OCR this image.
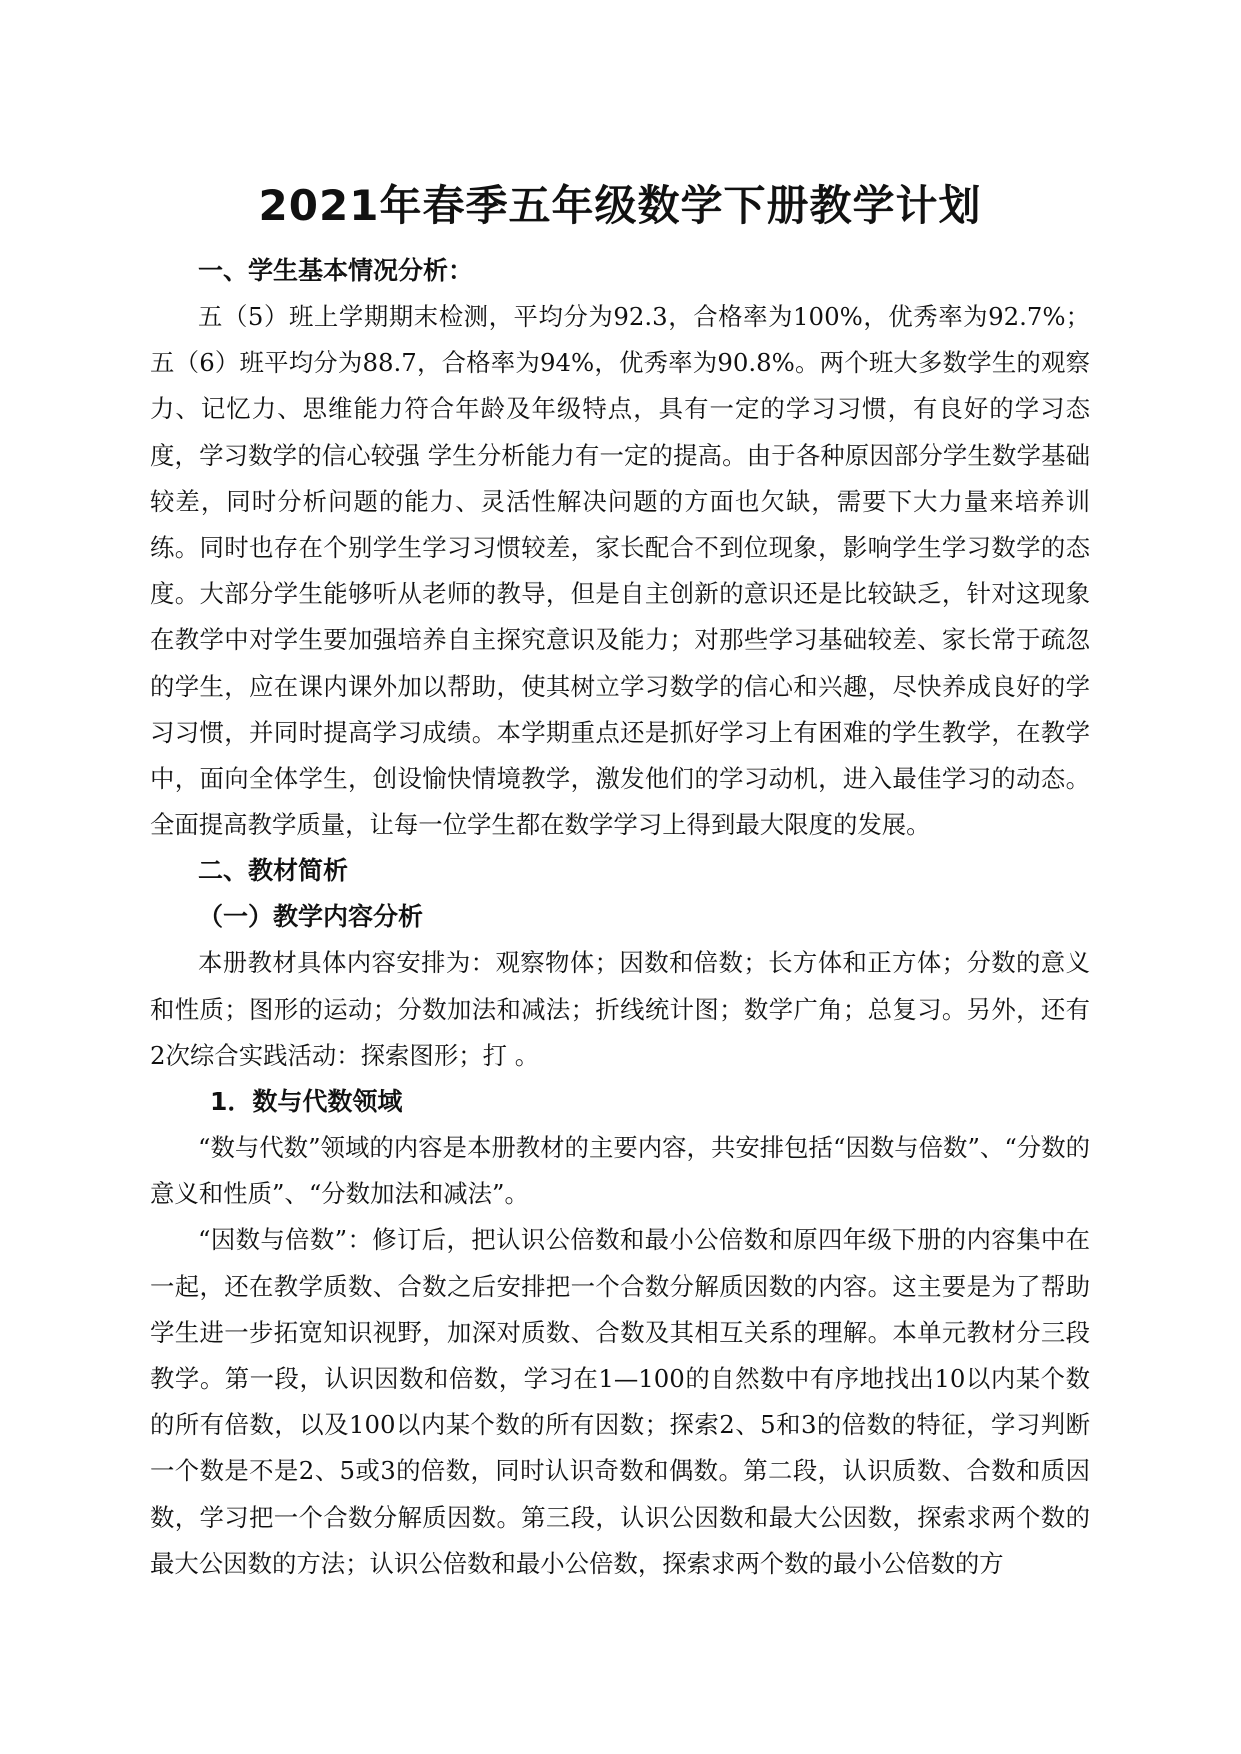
2021年春季五年级数学下册教学计划
一、学生基本情况分析：

五（5）班上学期期末检测，平均分为92.3，合格率为100%，优秀率为92.7%；五（6）班平均分为88.7，合格率为94%，优秀率为90.8%。两个班大多数学生的观察力、记忆力、思维能力符合年龄及年级特点，具有一定的学习习惯，有良好的学习态度，学习数学的信心较强 学生分析能力有一定的提高。由于各种原因部分学生数学基础较差，同时分析问题的能力、灵活性解决问题的方面也欠缺，需要下大力量来培养训练。同时也存在个别学生学习习惯较差，家长配合不到位现象，影响学生学习数学的态度。大部分学生能够听从老师的教导，但是自主创新的意识还是比较缺乏，针对这现象在教学中对学生要加强培养自主探究意识及能力；对那些学习基础较差、家长常于疏忽的学生，应在课内课外加以帮助，使其树立学习数学的信心和兴趣，尽快养成良好的学习习惯，并同时提高学习成绩。本学期重点还是抓好学习上有困难的学生教学，在教学中，面向全体学生，创设愉快情境教学，激发他们的学习动机，进入最佳学习的动态。全面提高教学质量，让每一位学生都在数学学习上得到最大限度的发展。

二、教材简析
（一）教学内容分析

本册教材具体内容安排为：观察物体；因数和倍数；长方体和正方体；分数的意义和性质；图形的运动；分数加法和减法；折线统计图；数学广角；总复习。另外，还有2次综合实践活动：探索图形；打 。

1．数与代数领域

“数与代数”领域的内容是本册教材的主要内容，共安排包括“因数与倍数”、“分数的意义和性质”、“分数加法和减法”。

“因数与倍数”：修订后，把认识公倍数和最小公倍数和原四年级下册的内容集中在一起，还在教学质数、合数之后安排把一个合数分解质因数的内容。这主要是为了帮助学生进一步拓宽知识视野，加深对质数、合数及其相互关系的理解。本单元教材分三段教学。第一段，认识因数和倍数，学习在1—100的自然数中有序地找出10以内某个数的所有倍数，以及100以内某个数的所有因数；探索2、5和3的倍数的特征，学习判断一个数是不是2、5或3的倍数，同时认识奇数和偶数。第二段，认识质数、合数和质因数，学习把一个合数分解质因数。第三段，认识公因数和最大公因数，探索求两个数的最大公因数的方法；认识公倍数和最小公倍数，探索求两个数的最小公倍数的方
